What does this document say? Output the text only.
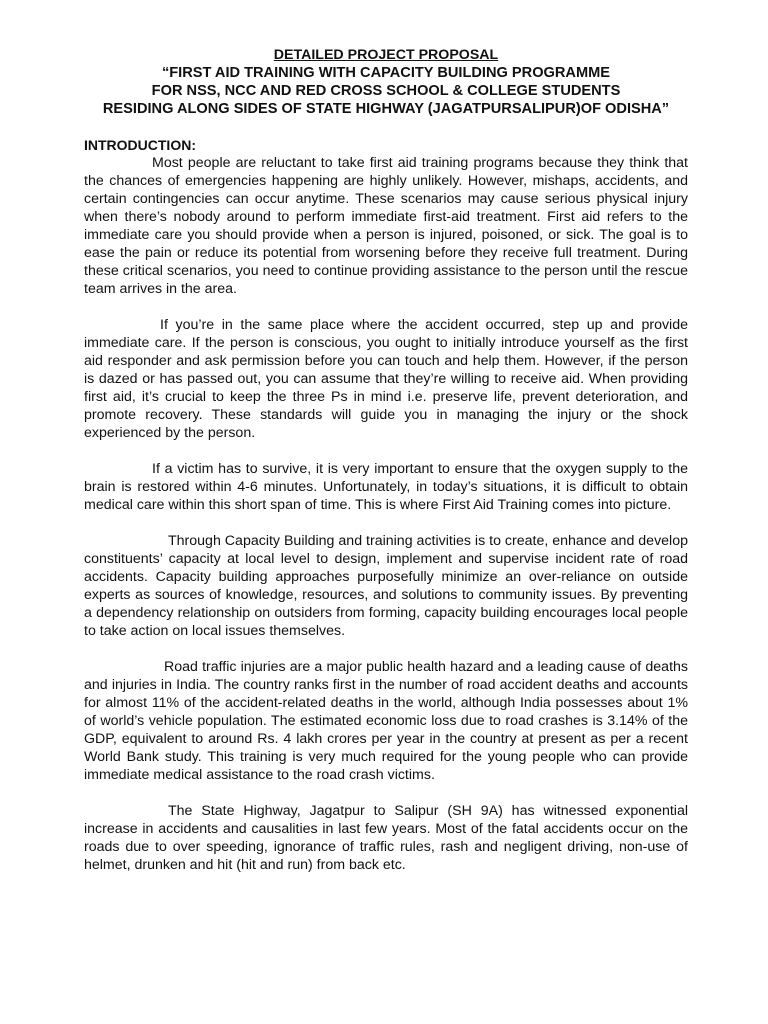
DETAILED PROJECT PROPOSAL
“FIRST AID TRAINING WITH CAPACITY BUILDING PROGRAMME
FOR NSS, NCC AND RED CROSS SCHOOL & COLLEGE STUDENTS
RESIDING ALONG SIDES OF STATE HIGHWAY (JAGATPURSALIPUR)OF ODISHA”
INTRODUCTION:

Most people are reluctant to take first aid training programs because they think that the chances of emergencies happening are highly unlikely. However, mishaps, accidents, and certain contingencies can occur anytime. These scenarios may cause serious physical injury when there’s nobody around to perform immediate first-aid treatment. First aid refers to the immediate care you should provide when a person is injured, poisoned, or sick. The goal is to ease the pain or reduce its potential from worsening before they receive full treatment. During these critical scenarios, you need to continue providing assistance to the person until the rescue team arrives in the area.

If you’re in the same place where the accident occurred, step up and provide immediate care. If the person is conscious, you ought to initially introduce yourself as the first aid responder and ask permission before you can touch and help them. However, if the person is dazed or has passed out, you can assume that they’re willing to receive aid. When providing first aid, it’s crucial to keep the three Ps in mind i.e. preserve life, prevent deterioration, and promote recovery. These standards will guide you in managing the injury or the shock experienced by the person.

If a victim has to survive, it is very important to ensure that the oxygen supply to the brain is restored within 4-6 minutes. Unfortunately, in today’s situations, it is difficult to obtain medical care within this short span of time. This is where First Aid Training comes into picture.

Through Capacity Building and training activities is to create, enhance and develop constituents’ capacity at local level to design, implement and supervise incident rate of road accidents. Capacity building approaches purposefully minimize an over-reliance on outside experts as sources of knowledge, resources, and solutions to community issues. By preventing a dependency relationship on outsiders from forming, capacity building encourages local people to take action on local issues themselves.

Road traffic injuries are a major public health hazard and a leading cause of deaths and injuries in India. The country ranks first in the number of road accident deaths and accounts for almost 11% of the accident-related deaths in the world, although India possesses about 1% of world’s vehicle population. The estimated economic loss due to road crashes is 3.14% of the GDP, equivalent to around Rs. 4 lakh crores per year in the country at present as per a recent World Bank study. This training is very much required for the young people who can provide immediate medical assistance to the road crash victims.

The State Highway, Jagatpur to Salipur (SH 9A) has witnessed exponential increase in accidents and causalities in last few years. Most of the fatal accidents occur on the roads due to over speeding, ignorance of traffic rules, rash and negligent driving, non-use of helmet, drunken and hit (hit and run) from back etc.
